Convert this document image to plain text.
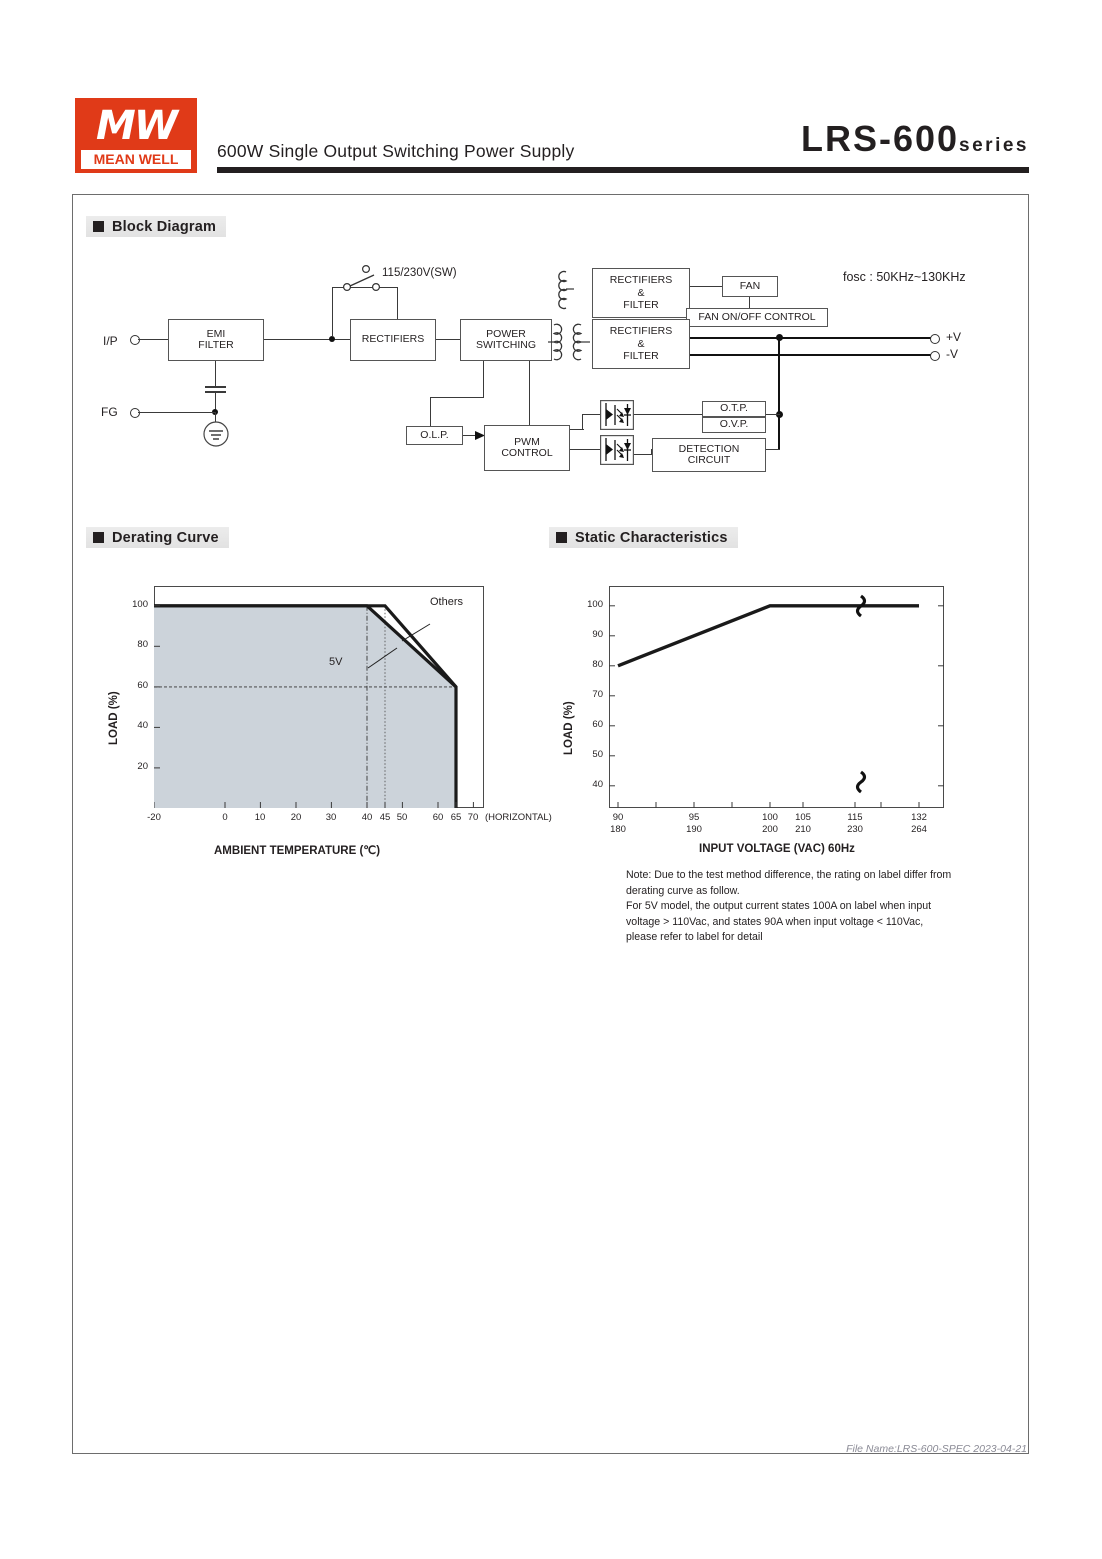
MW
MEAN WELL	600W Single Output Switching Power Supply	LRS-600series
Block Diagram
Derating Curve	Static Characteristics
I/P
EMI
FILTER
FG
115/230V(SW)
RECTIFIERS	POWER
SWITCHING
O.L.P.
PWM
CONTROL
RECTIFIERS
&
FILTER
FAN
FAN ON/OFF CONTROL
RECTIFIERS
&
FILTER
+V
-V
O.T.P.
O.V.P.
DETECTION
CIRCUIT
fosc : 50KHz~130KHz
Others
5V
100
80
60
40
20
-20	0	10	20	30	40 45 50	60 65 70 (HORIZONTAL)
LOAD (%)
AMBIENT TEMPERATURE (℃)
100
90
80
70
60
50
40
90
180
95
190
100
200
105
210
115
230
132
264
LOAD (%)
INPUT VOLTAGE (VAC) 60Hz
Note: Due to the test method difference, the rating on label differ from
derating curve as follow.
For 5V model, the output current states 100A on label when input
voltage > 110Vac, and states 90A when input voltage < 110Vac,
please refer to label for detail
File Name:LRS-600-SPEC 2023-04-21
